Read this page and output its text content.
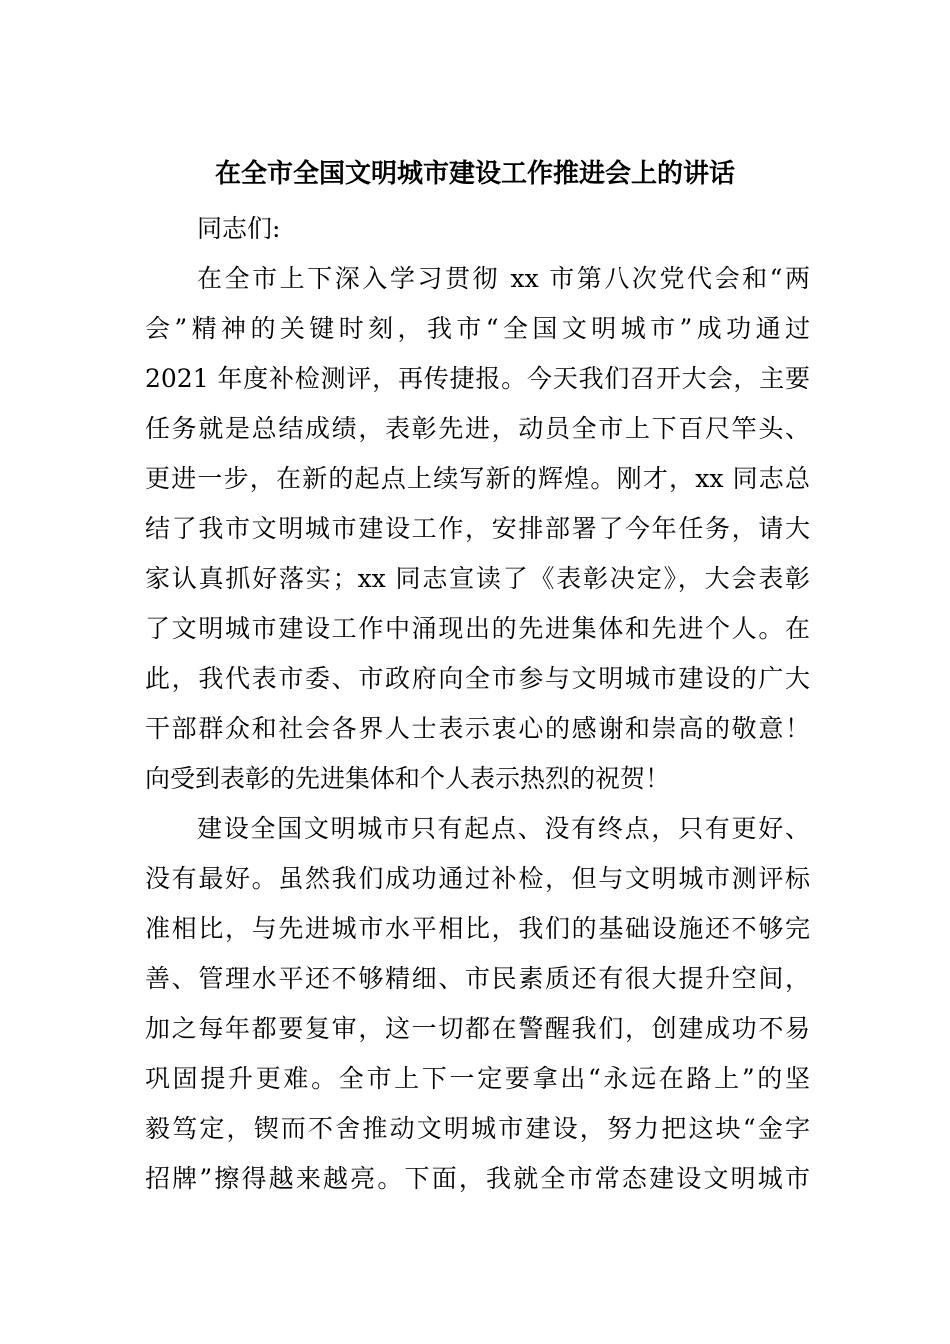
在全市全国文明城市建设工作推进会上的讲话
同志们:
在全市上下深入学习贯彻 xx 市第八次党代会和“两
会”精神的关键时刻，我市“全国文明城市”成功通过
2021 年度补检测评，再传捷报。今天我们召开大会，主要
任务就是总结成绩，表彰先进，动员全市上下百尺竿头、
更进一步，在新的起点上续写新的辉煌。刚才，xx 同志总
结了我市文明城市建设工作，安排部署了今年任务，请大
家认真抓好落实；xx 同志宣读了《表彰决定》，大会表彰
了文明城市建设工作中涌现出的先进集体和先进个人。在
此，我代表市委、市政府向全市参与文明城市建设的广大
干部群众和社会各界人士表示衷心的感谢和崇高的敬意！
向受到表彰的先进集体和个人表示热烈的祝贺！
建设全国文明城市只有起点、没有终点，只有更好、
没有最好。虽然我们成功通过补检，但与文明城市测评标
准相比，与先进城市水平相比，我们的基础设施还不够完
善、管理水平还不够精细、市民素质还有很大提升空间，
加之每年都要复审，这一切都在警醒我们，创建成功不易
巩固提升更难。全市上下一定要拿出“永远在路上”的坚
毅笃定，锲而不舍推动文明城市建设，努力把这块“金字
招牌”擦得越来越亮。下面，我就全市常态建设文明城市
